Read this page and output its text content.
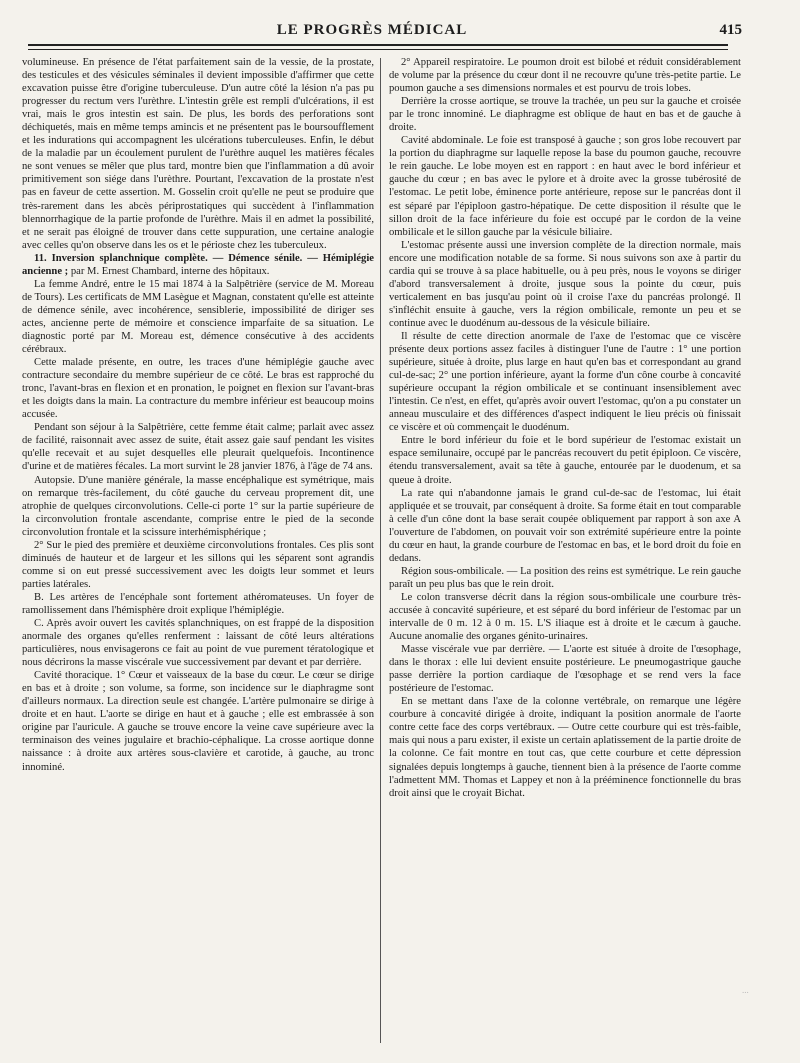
LE PROGRÈS MÉDICAL	415

volumineuse. En présence de l'état parfaitement sain de la vessie, de la prostate, des testicules et des vésicules séminales il devient impossible d'affirmer que cette excavation puisse être d'origine tuberculeuse. D'un autre côté la lésion n'a pas pu progresser du rectum vers l'urèthre. L'intestin grêle est rempli d'ulcérations, il est vrai, mais le gros intestin est sain. De plus, les bords des perforations sont déchiquetés, mais en même temps amincis et ne présentent pas le boursoufflement et les indurations qui accompagnent les ulcérations tuberculeuses. Enfin, le début de la maladie par un écoulement purulent de l'urèthre auquel les matières fécales ne sont venues se mêler que plus tard, montre bien que l'inflammation a dû avoir primitivement son siége dans l'urèthre. Pourtant, l'excavation de la prostate n'est pas en faveur de cette assertion. M. Gosselin croit qu'elle ne peut se produire que très-rarement dans les abcès périprostatiques qui succèdent à l'inflammation blennorrhagique de la partie profonde de l'urèthre. Mais il en admet la possibilité, et ne serait pas éloigné de trouver dans cette suppuration, une certaine analogie avec celles qu'on observe dans les os et le périoste chez les tuberculeux.

11. Inversion splanchnique complète. — Démence sénile. — Hémiplégie ancienne ; par M. Ernest Chambard, interne des hôpitaux.

La femme André, entre le 15 mai 1874 à la Salpêtrière (service de M. Moreau de Tours). Les certificats de MM Lasègue et Magnan, constatent qu'elle est atteinte de démence sénile, avec incohérence, sensiblerie, impossibilité de diriger ses actes, ancienne perte de mémoire et conscience imparfaite de sa situation. Le diagnostic porté par M. Moreau est, démence consécutive à des accidents cérébraux.

Cette malade présente, en outre, les traces d'une hémiplégie gauche avec contracture secondaire du membre supérieur de ce côté. Le bras est rapproché du tronc, l'avant-bras en flexion et en pronation, le poignet en flexion sur l'avant-bras et les doigts dans la main. La contracture du membre inférieur est beaucoup moins accusée.

Pendant son séjour à la Salpêtrière, cette femme était calme; parlait avec assez de facilité, raisonnait avec assez de suite, était assez gaie sauf pendant les visites qu'elle recevait et au sujet desquelles elle pleurait quelquefois. Incontinence d'urine et de matières fécales. La mort survint le 28 janvier 1876, à l'âge de 74 ans.

Autopsie. D'une manière générale, la masse encéphalique est symétrique, mais on remarque très-facilement, du côté gauche du cerveau proprement dit, une atrophie de quelques circonvolutions. Celle-ci porte 1° sur la partie supérieure de la circonvolution frontale ascendante, comprise entre le pied de la seconde circonvolution frontale et la scissure interhémisphérique ;

2° Sur le pied des première et deuxième circonvolutions frontales. Ces plis sont diminués de hauteur et de largeur et les sillons qui les séparent sont agrandis comme si on eut pressé successivement avec les doigts leur sommet et leurs parties latérales.

B. Les artères de l'encéphale sont fortement athéromateuses. Un foyer de ramollissement dans l'hémisphère droit explique l'hémiplégie.

C. Après avoir ouvert les cavités splanchniques, on est frappé de la disposition anormale des organes qu'elles renferment : laissant de côté leurs altérations particulières, nous envisagerons ce fait au point de vue purement tératologique et nous décrirons la masse viscérale vue successivement par devant et par derrière.

Cavité thoracique. 1° Cœur et vaisseaux de la base du cœur. Le cœur se dirige en bas et à droite ; son volume, sa forme, son incidence sur le diaphragme sont d'ailleurs normaux. La direction seule est changée. L'artère pulmonaire se dirige à droite et en haut. L'aorte se dirige en haut et à gauche ; elle est embrassée à son origine par l'auricule. A gauche se trouve encore la veine cave supérieure avec la terminaison des veines jugulaire et brachio-céphalique. La crosse aortique donne naissance : à droite aux artères sous-clavière et carotide, à gauche, au tronc innominé.

2° Appareil respiratoire. Le poumon droit est bilobé et réduit considérablement de volume par la présence du cœur dont il ne recouvre qu'une très-petite partie. Le poumon gauche a ses dimensions normales et est pourvu de trois lobes.

Derrière la crosse aortique, se trouve la trachée, un peu sur la gauche et croisée par le tronc innominé. Le diaphragme est oblique de haut en bas et de gauche à droite.

Cavité abdominale. Le foie est transposé à gauche ; son gros lobe recouvert par la portion du diaphragme sur laquelle repose la base du poumon gauche, recouvre le rein gauche. Le lobe moyen est en rapport : en haut avec le bord inférieur et gauche du cœur ; en bas avec le pylore et à droite avec la grosse tubérosité de l'estomac. Le petit lobe, éminence porte antérieure, repose sur le pancréas dont il est séparé par l'épiploon gastro-hépatique. De cette disposition il résulte que le sillon droit de la face inférieure du foie est occupé par le cordon de la veine ombilicale et le sillon gauche par la vésicule biliaire.

L'estomac présente aussi une inversion complète de la direction normale, mais encore une modification notable de sa forme. Si nous suivons son axe à partir du cardia qui se trouve à sa place habituelle, ou à peu près, nous le voyons se diriger d'abord transversalement à droite, jusque sous la pointe du cœur, puis verticalement en bas jusqu'au point où il croise l'axe du pancréas prolongé. Il s'infléchit ensuite à gauche, vers la région ombilicale, remonte un peu et se continue avec le duodénum au-dessous de la vésicule biliaire.

Il résulte de cette direction anormale de l'axe de l'estomac que ce viscère présente deux portions assez faciles à distinguer l'une de l'autre : 1° une portion supérieure, située à droite, plus large en haut qu'en bas et correspondant au grand cul-de-sac; 2° une portion inférieure, ayant la forme d'un cône courbe à concavité supérieure occupant la région ombilicale et se continuant insensiblement avec l'intestin. Ce n'est, en effet, qu'après avoir ouvert l'estomac, qu'on a pu constater un anneau musculaire et des différences d'aspect indiquent le lieu précis où finissait ce viscère et où commençait le duodénum.

Entre le bord inférieur du foie et le bord supérieur de l'estomac existait un espace semilunaire, occupé par le pancréas recouvert du petit épiploon. Ce viscère, étendu transversalement, avait sa tête à gauche, entourée par le duodenum, et sa queue à droite.

La rate qui n'abandonne jamais le grand cul-de-sac de l'estomac, lui était appliquée et se trouvait, par conséquent à droite. Sa forme était en tout comparable à celle d'un cône dont la base serait coupée obliquement par rapport à son axe A l'ouverture de l'abdomen, on pouvait voir son extrémité supérieure entre la pointe du cœur en haut, la grande courbure de l'estomac en bas, et le bord droit du foie en dedans.

Région sous-ombilicale. — La position des reins est symétrique. Le rein gauche paraît un peu plus bas que le rein droit.

Le colon transverse décrit dans la région sous-ombilicale une courbure très-accusée à concavité supérieure, et est séparé du bord inférieur de l'estomac par un intervalle de 0 m. 12 à 0 m. 15. L'S iliaque est à droite et le cæcum à gauche. Aucune anomalie des organes génito-urinaires.

Masse viscérale vue par derrière. — L'aorte est située à droite de l'œsophage, dans le thorax : elle lui devient ensuite postérieure. Le pneumogastrique gauche passe derrière la portion cardiaque de l'œsophage et se rend vers la face postérieure de l'estomac.

En se mettant dans l'axe de la colonne vertébrale, on remarque une légère courbure à concavité dirigée à droite, indiquant la position anormale de l'aorte contre cette face des corps vertébraux. — Outre cette courbure qui est très-faible, mais qui nous a paru exister, il existe un certain aplatissement de la partie droite de la colonne. Ce fait montre en tout cas, que cette courbure et cette dépression signalées depuis longtemps à gauche, tiennent bien à la présence de l'aorte comme l'admettent MM. Thomas et Lappey et non à la prééminence fonctionnelle du bras droit ainsi que le croyait Bichat.

...
